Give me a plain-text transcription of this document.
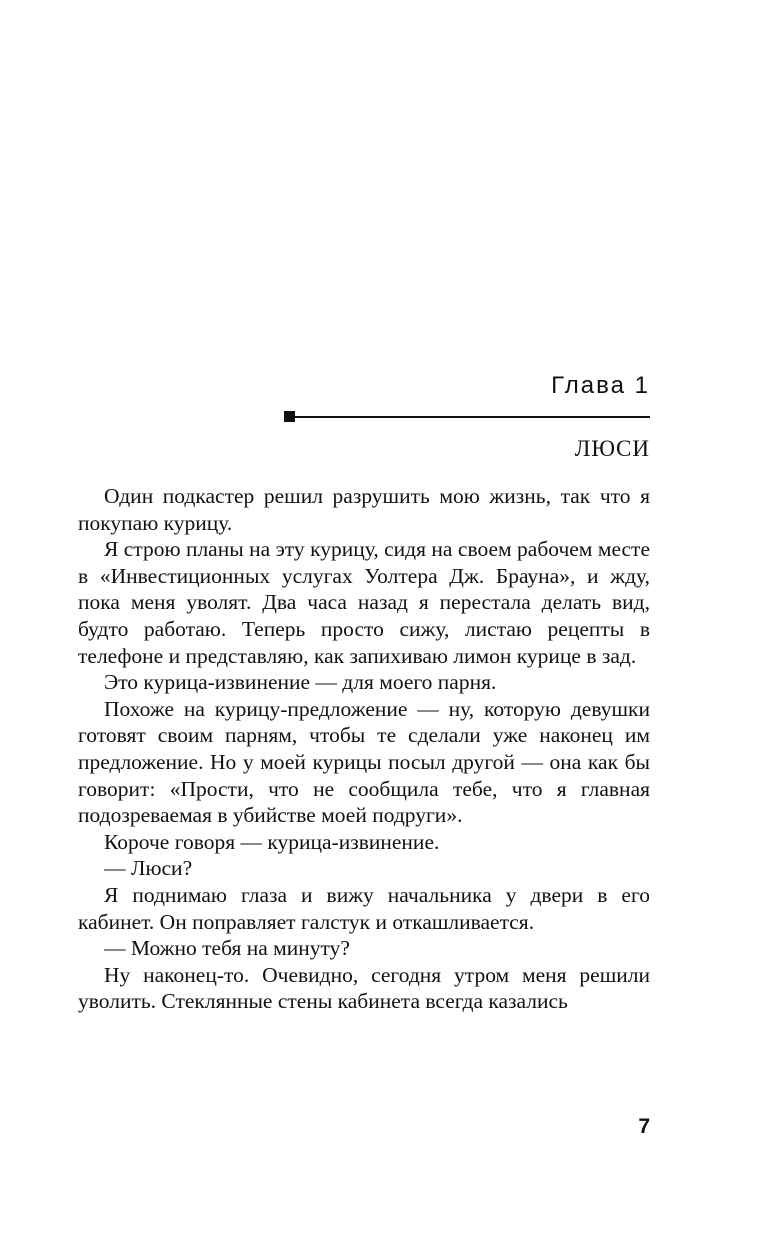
Глава 1
ЛЮСИ

Один подкастер решил разрушить мою жизнь, так что я покупаю курицу.

Я строю планы на эту курицу, сидя на своем рабочем месте в «Инвестиционных услугах Уолтера Дж. Брауна», и жду, пока меня уволят. Два часа назад я перестала делать вид, будто работаю. Теперь просто сижу, листаю рецепты в телефоне и представляю, как запихиваю лимон курице в зад.

Это курица-извинение — для моего парня.

Похоже на курицу-предложение — ну, которую девушки готовят своим парням, чтобы те сделали уже наконец им предложение. Но у моей курицы посыл другой — она как бы говорит: «Прости, что не сообщила тебе, что я главная подозреваемая в убийстве моей подруги».

Короче говоря — курица-извинение.

— Люси?

Я поднимаю глаза и вижу начальника у двери в его кабинет. Он поправляет галстук и откашливается.

— Можно тебя на минуту?

Ну наконец-то. Очевидно, сегодня утром меня решили уволить. Стеклянные стены кабинета всегда казались

7
